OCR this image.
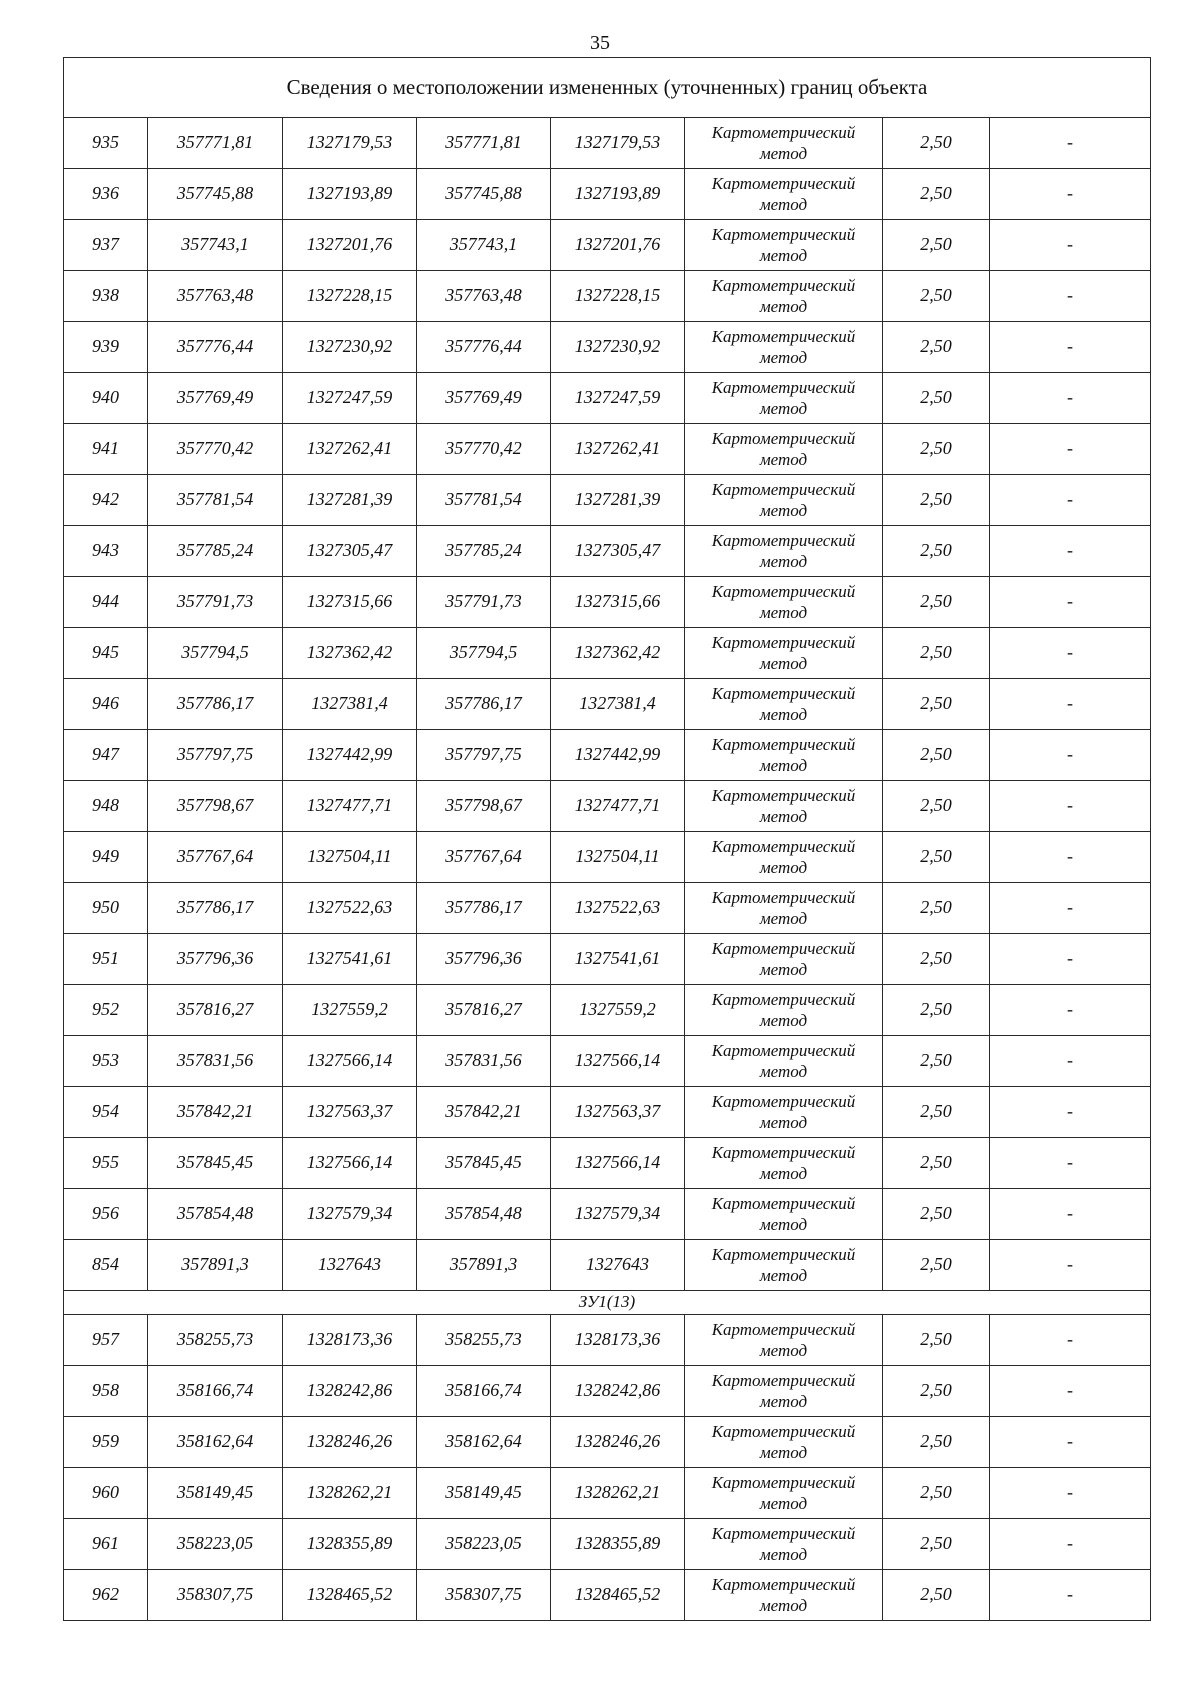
35
Сведения о местоположении измененных (уточненных) границ объекта							
935	357771,81	1327179,53	357771,81	1327179,53	Картометрический
метод	2,50	-
936	357745,88	1327193,89	357745,88	1327193,89	Картометрический
метод	2,50	-
937	357743,1	1327201,76	357743,1	1327201,76	Картометрический
метод	2,50	-
938	357763,48	1327228,15	357763,48	1327228,15	Картометрический
метод	2,50	-
939	357776,44	1327230,92	357776,44	1327230,92	Картометрический
метод	2,50	-
940	357769,49	1327247,59	357769,49	1327247,59	Картометрический
метод	2,50	-
941	357770,42	1327262,41	357770,42	1327262,41	Картометрический
метод	2,50	-
942	357781,54	1327281,39	357781,54	1327281,39	Картометрический
метод	2,50	-
943	357785,24	1327305,47	357785,24	1327305,47	Картометрический
метод	2,50	-
944	357791,73	1327315,66	357791,73	1327315,66	Картометрический
метод	2,50	-
945	357794,5	1327362,42	357794,5	1327362,42	Картометрический
метод	2,50	-
946	357786,17	1327381,4	357786,17	1327381,4	Картометрический
метод	2,50	-
947	357797,75	1327442,99	357797,75	1327442,99	Картометрический
метод	2,50	-
948	357798,67	1327477,71	357798,67	1327477,71	Картометрический
метод	2,50	-
949	357767,64	1327504,11	357767,64	1327504,11	Картометрический
метод	2,50	-
950	357786,17	1327522,63	357786,17	1327522,63	Картометрический
метод	2,50	-
951	357796,36	1327541,61	357796,36	1327541,61	Картометрический
метод	2,50	-
952	357816,27	1327559,2	357816,27	1327559,2	Картометрический
метод	2,50	-
953	357831,56	1327566,14	357831,56	1327566,14	Картометрический
метод	2,50	-
954	357842,21	1327563,37	357842,21	1327563,37	Картометрический
метод	2,50	-
955	357845,45	1327566,14	357845,45	1327566,14	Картометрический
метод	2,50	-
956	357854,48	1327579,34	357854,48	1327579,34	Картометрический
метод	2,50	-
854	357891,3	1327643	357891,3	1327643	Картометрический
метод	2,50	-
ЗУ1(13)							
957	358255,73	1328173,36	358255,73	1328173,36	Картометрический
метод	2,50	-
958	358166,74	1328242,86	358166,74	1328242,86	Картометрический
метод	2,50	-
959	358162,64	1328246,26	358162,64	1328246,26	Картометрический
метод	2,50	-
960	358149,45	1328262,21	358149,45	1328262,21	Картометрический
метод	2,50	-
961	358223,05	1328355,89	358223,05	1328355,89	Картометрический
метод	2,50	-
962	358307,75	1328465,52	358307,75	1328465,52	Картометрический
метод	2,50	-
